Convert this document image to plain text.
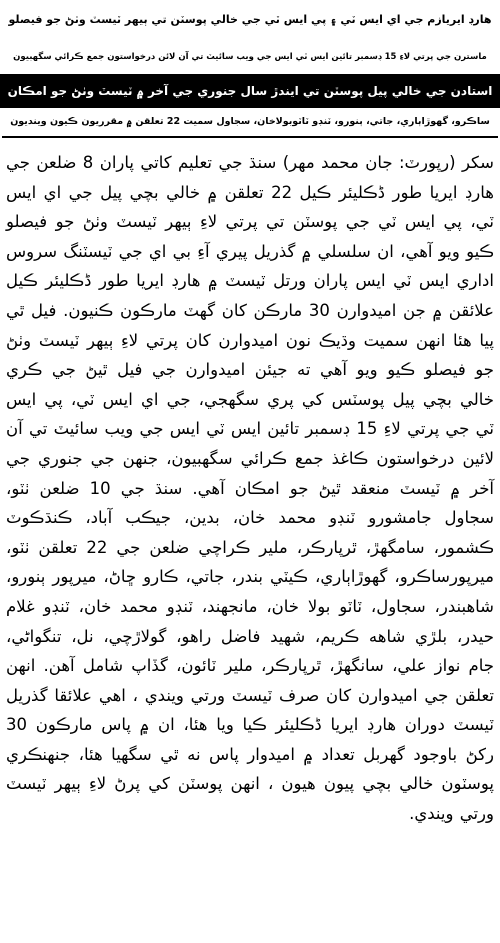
هارڊ ايريازم جي اي ايس ٽي ۽ پي ايس ٽي جي خالي پوسٽن تي ٻيهر ٽيسٽ وٺڻ جو فيصلو
ماسترن جي پرتي لاءِ 15 ڊسمبر تائين ايس ٽي ايس جي ويب سائيٽ تي آن لائن درخواستون جمع ڪرائي سگھبيون
استادن جي خالي پيل پوسٽن تي ايندڙ سال جنوري جي آخر ۾ ٽيسٽ وٺڻ جو امڪان
ساڪرو، گھوڙاٻاري، جاتي، ٻنورو، ٽنڊو ٽاٽوبولاخان، سجاول سميت 22 تعلقن ۾ مقرريون ڪيون وينديون
سکر (رپورٽ: جان محمد مهر) سنڌ جي تعليم کاتي پاران 8 ضلعن جي هارڊ ايريا طور ڈڪليئر ڪيل 22 تعلقن ۾ خالي بچي پيل جي اي ايس ٽي، پي ايس ٽي جي پوسٽن تي پرتي لاءِ ٻيهر ٽيسٽ وٺڻ جو فيصلو ڪيو ويو آهي، ان سلسلي ۾ گذريل پيري آءِ بي اي جي ٽيسٽنگ سروس اداري ايس ٽي ايس پاران ورتل ٽيسٽ ۾ هارڊ ايريا طور ڈڪليئر ڪيل علائقن ۾ جن اميدوارن 30 مارڪن کان گهٽ مارڪون ڪنيون. فيل ٿي پيا هئا انهن سميت وڌيڪ نون اميدوارن کان پرتي لاءِ ٻيهر ٽيسٽ وٺڻ جو فيصلو ڪيو ويو آهي ته جيئن اميدوارن جي فيل ٿيڻ جي ڪري خالي بچي پيل پوسٽس کي پري سگھجي، جي اي ايس ٽي، پي ايس ٽي جي پرتي لاءِ 15 ڊسمبر تائين ايس ٽي ايس جي ويب سائيٽ تي آن لائين درخواستون ڪاغذ جمع ڪرائي سگھبيون، جنهن جي جنوري جي آخر ۾ ٽيسٽ منعقد ٿيڻ جو امڪان آهي. سنڌ جي 10 ضلعن ٺٽو، سجاول جامشورو ٽنڊو محمد خان، بدين، جيڪب آباد، ڪنڌڪوٽ ڪشمور، سامگھڙ، ٿرپارڪر، ملير ڪراچي ضلعن جي 22 تعلقن ٺٽو، ميرپورساڪرو، گھوڙاٻاري، ڪيٽي بندر، جاتي، ڪارو ڇاڻ، ميرپور ٻنورو، شاهبندر، سجاول، ٽاٽو بولا خان، مانجهند، ٽنڊو محمد خان، ٽنڊو غلام حيدر، بلڙي شاهه ڪريم، شهيد فاضل راهو، گولاڙچي، نل، تنگواڻي، جام نواز علي، سانگھڙ، ٿرپارڪر، ملير ٽائون، گڏاپ شامل آهن. انهن تعلقن جي اميدوارن کان صرف ٽيسٽ ورتي ويندي ، اهي علائقا گذريل ٽيسٽ دوران هارڊ ايريا ڈڪليئر ڪيا ويا هئا، ان ۾ پاس مارڪون 30 رکڻ باوجود گھربل تعداد ۾ اميدوار پاس نه ٿي سگھيا هئا، جنهنڪري پوسٽون خالي بچي پيون هيون ، انهن پوسٽن کي پرڻ لاءِ ٻيهر ٽيسٽ ورتي ويندي.
